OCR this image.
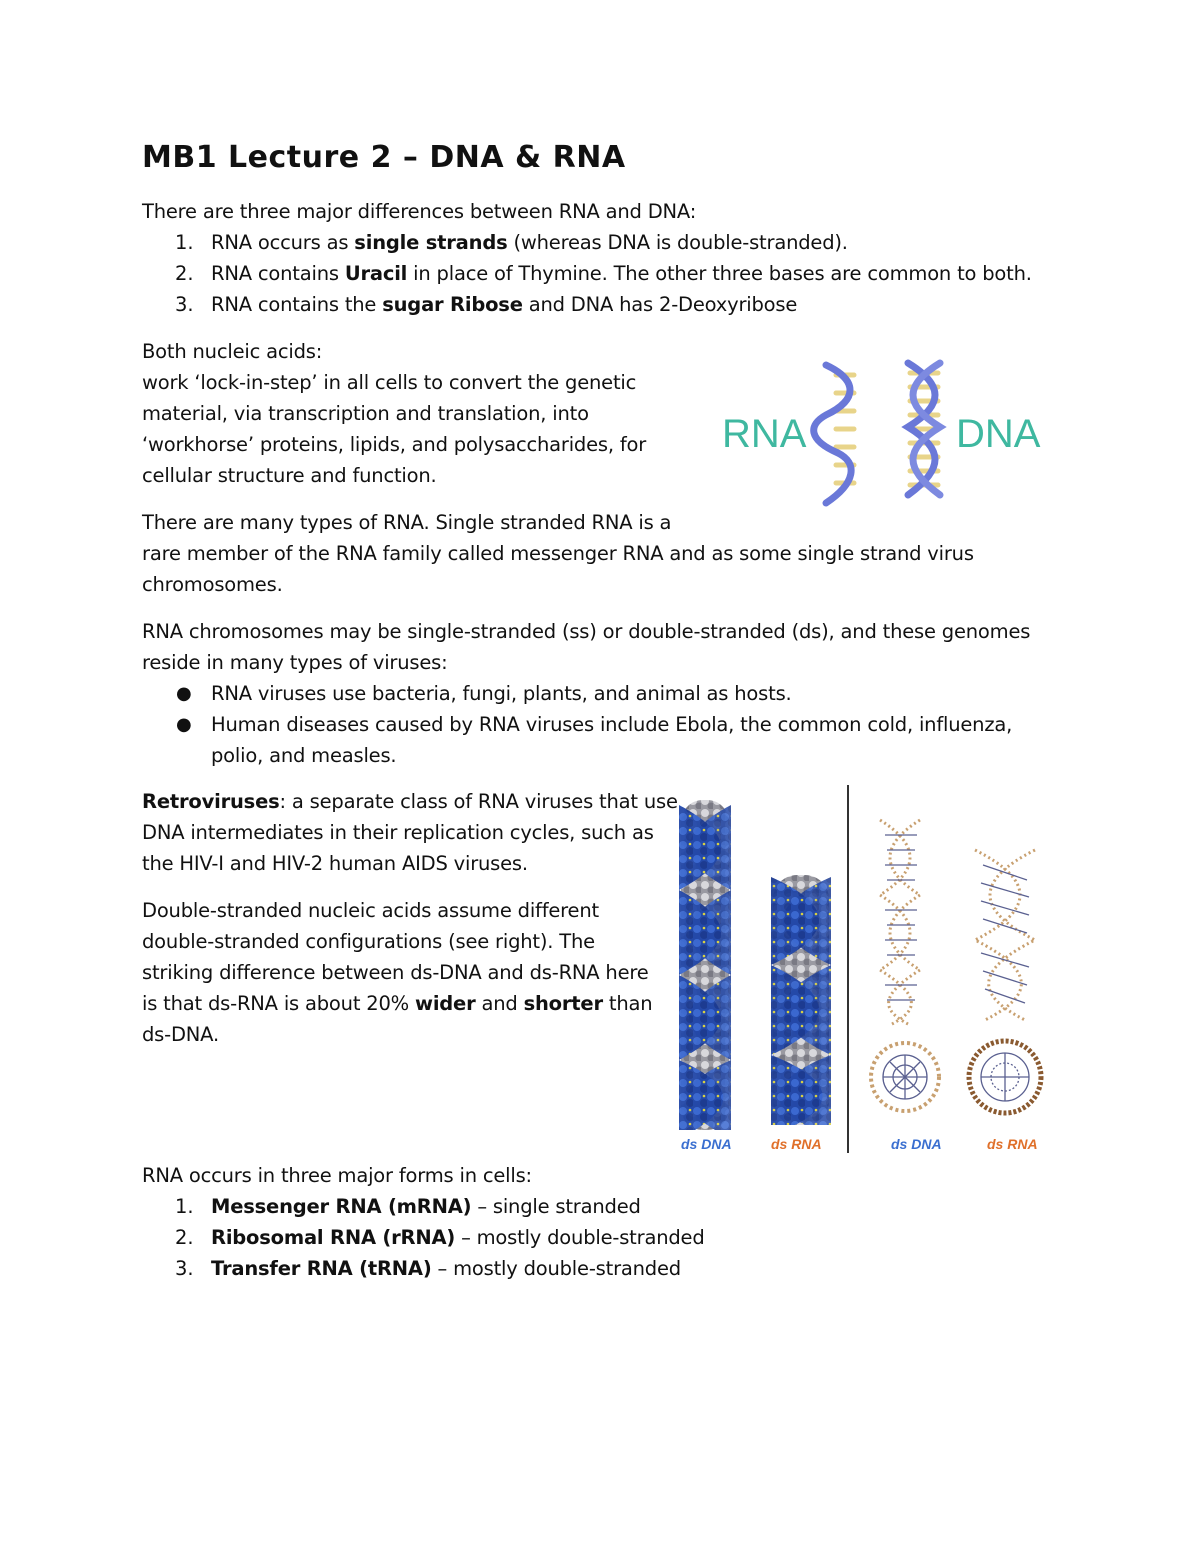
MB1 Lecture 2 – DNA & RNA
There are three major differences between RNA and DNA:
1. RNA occurs as single strands (whereas DNA is double-stranded).
2. RNA contains Uracil in place of Thymine. The other three bases are common to both.
3. RNA contains the sugar Ribose and DNA has 2-Deoxyribose
Both nucleic acids:
work ‘lock-in-step’ in all cells to convert the genetic
material, via transcription and translation, into
‘workhorse’ proteins, lipids, and polysaccharides, for
cellular structure and function.
RNA	DNA
There are many types of RNA. Single stranded RNA is a
rare member of the RNA family called messenger RNA and as some single strand virus
chromosomes.
RNA chromosomes may be single-stranded (ss) or double-stranded (ds), and these genomes
reside in many types of viruses:
● RNA viruses use bacteria, fungi, plants, and animal as hosts.
● Human diseases caused by RNA viruses include Ebola, the common cold, influenza,
polio, and measles.
Retroviruses: a separate class of RNA viruses that use
DNA intermediates in their replication cycles, such as
the HIV-I and HIV-2 human AIDS viruses.
Double-stranded nucleic acids assume different
double-stranded configurations (see right). The
striking difference between ds-DNA and ds-RNA here
is that ds-RNA is about 20% wider and shorter than
ds-DNA.
ds DNA	ds RNA	ds DNA	ds RNA
RNA occurs in three major forms in cells:
1. Messenger RNA (mRNA) – single stranded
2. Ribosomal RNA (rRNA) – mostly double-stranded
3. Transfer RNA (tRNA) – mostly double-stranded
